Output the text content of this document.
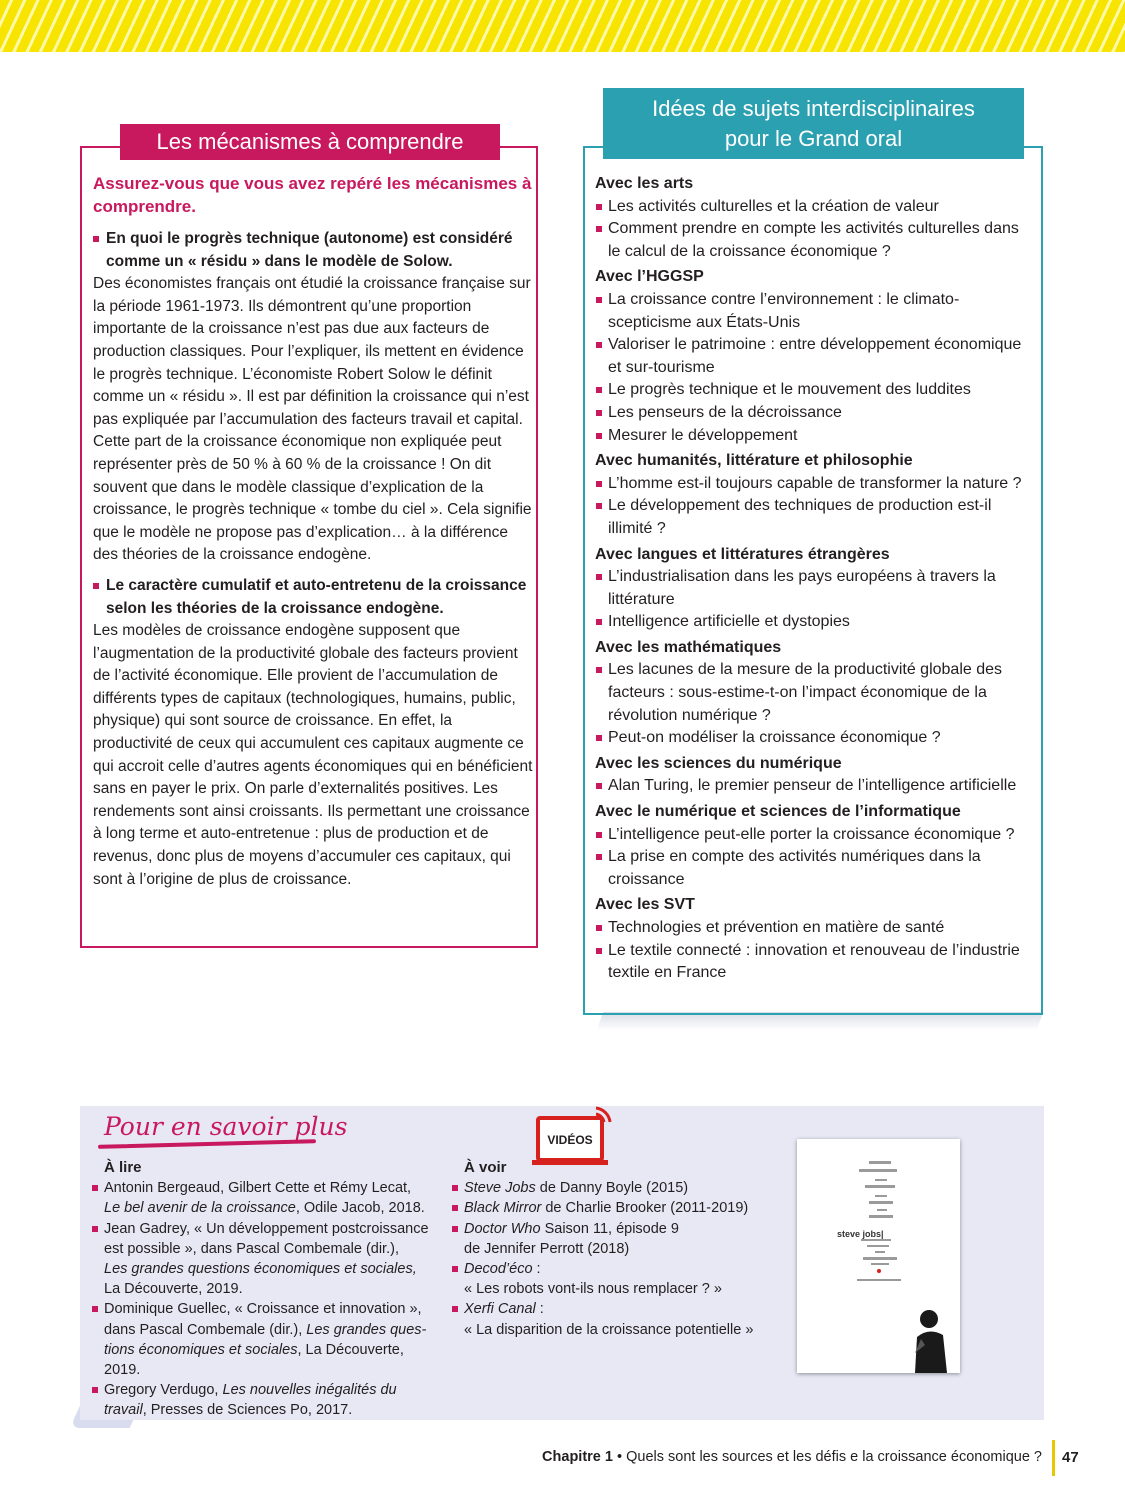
Les mécanismes à comprendre

Assurez-vous que vous avez repéré les mécanismes à comprendre.

En quoi le progrès technique (autonome) est considéré comme un « résidu » dans le modèle de Solow.

Des économistes français ont étudié la croissance française sur la période 1961-1973. Ils démontrent qu’une proportion importante de la croissance n’est pas due aux facteurs de production classiques. Pour l’expliquer, ils mettent en évidence le progrès technique. L’économiste Robert Solow le définit comme un « résidu ». Il est par définition la croissance qui n’est pas expliquée par l’accumulation des facteurs travail et capital. Cette part de la croissance économique non expliquée peut représenter près de 50 % à 60 % de la croissance ! On dit souvent que dans le modèle classique d’explication de la croissance, le progrès technique « tombe du ciel ». Cela signifie que le modèle ne propose pas d’explication… à la différence des théories de la croissance endogène.

Le caractère cumulatif et auto-entretenu de la croissance selon les théories de la croissance endogène.

Les modèles de croissance endogène supposent que l’augmentation de la productivité globale des facteurs provient de l’activité économique. Elle provient de l’accumulation de différents types de capitaux (technologiques, humains, public, physique) qui sont source de croissance. En effet, la productivité de ceux qui accumulent ces capitaux augmente ce qui accroit celle d’autres agents économiques qui en bénéficient sans en payer le prix. On parle d’externalités positives. Les rendements sont ainsi croissants. Ils permettant une croissance à long terme et auto-entretenue : plus de production et de revenus, donc plus de moyens d’accumuler ces capitaux, qui sont à l’origine de plus de croissance.

Idées de sujets interdisciplinaires
pour le Grand oral
Avec les arts
Les activités culturelles et la création de valeur
Comment prendre en compte les activités culturelles dans le calcul de la croissance économique ?
Avec l’HGGSP
La croissance contre l’environnement : le climato-scepticisme aux États-Unis
Valoriser le patrimoine : entre développement économique et sur-tourisme
Le progrès technique et le mouvement des luddites
Les penseurs de la décroissance
Mesurer le développement
Avec humanités, littérature et philosophie
L’homme est-il toujours capable de transformer la nature ?
Le développement des techniques de production est-il illimité ?
Avec langues et littératures étrangères
L’industrialisation dans les pays européens à travers la littérature
Intelligence artificielle et dystopies
Avec les mathématiques
Les lacunes de la mesure de la productivité globale des facteurs : sous-estime-t-on l’impact économique de la révolution numérique ?
Peut-on modéliser la croissance économique ?
Avec les sciences du numérique
Alan Turing, le premier penseur de l’intelligence artificielle
Avec le numérique et sciences de l’informatique
L’intelligence peut-elle porter la croissance économique ?
La prise en compte des activités numériques dans la croissance
Avec les SVT
Technologies et prévention en matière de santé
Le textile connecté : innovation et renouveau de l’industrie textile en France
Pour en savoir plus
À lire
Antonin Bergeaud, Gilbert Cette et Rémy Lecat,
Le bel avenir de la croissance, Odile Jacob, 2018.
Jean Gadrey, « Un développement postcroissance
est possible », dans Pascal Combemale (dir.),
Les grandes questions économiques et sociales,
La Découverte, 2019.
Dominique Guellec, « Croissance et innovation »,
dans Pascal Combemale (dir.), Les grandes ques-
tions économiques et sociales, La Découverte, 2019.
Gregory Verdugo, Les nouvelles inégalités du
travail, Presses de Sciences Po, 2017.
VIDÉOS
À voir
Steve Jobs de Danny Boyle (2015)
Black Mirror de Charlie Brooker (2011-2019)
Doctor Who Saison 11, épisode 9
de Jennifer Perrott (2018)
Decod’éco :
« Les robots vont-ils nous remplacer ? »
Xerfi Canal :
« La disparition de la croissance potentielle »
steve jobs|
Chapitre 1 • Quels sont les sources et les défis e la croissance économique ? 47
